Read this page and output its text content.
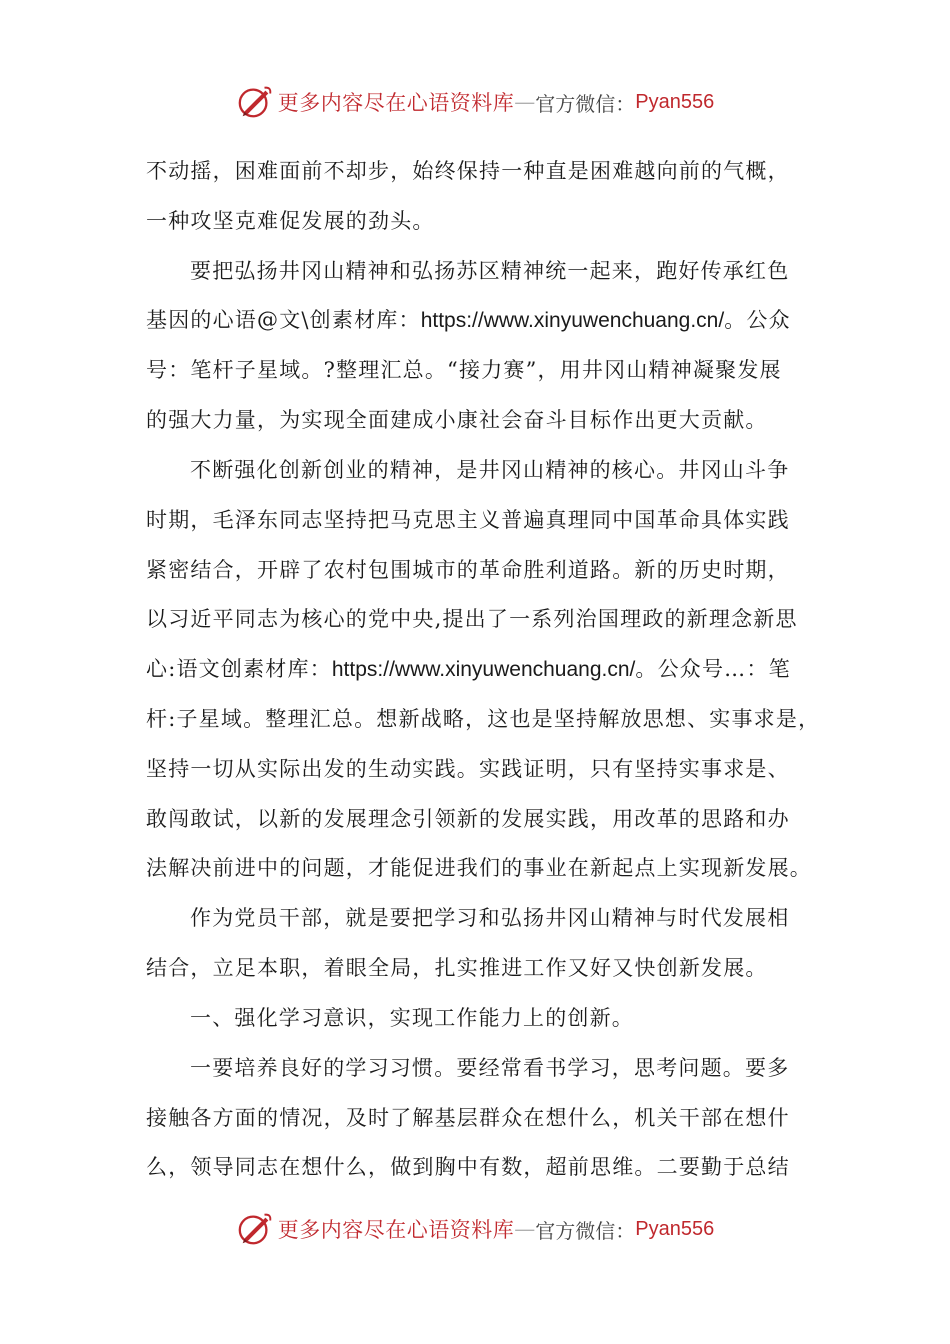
更多内容尽在心语资料库 — 官方微信： Pyan556
不动摇，困难面前不却步，始终保持一种直是困难越向前的气概，
一种攻坚克难促发展的劲头。
要把弘扬井冈山精神和弘扬苏区精神统一起来，跑好传承红色
基因的心语@文\创素材库：https://www.xinyuwenchuang.cn/。公众
号：笔杆子星域。?整理汇总。“接力赛”，用井冈山精神凝聚发展
的强大力量，为实现全面建成小康社会奋斗目标作出更大贡献。
不断强化创新创业的精神，是井冈山精神的核心。井冈山斗争
时期，毛泽东同志坚持把马克思主义普遍真理同中国革命具体实践
紧密结合，开辟了农村包围城市的革命胜利道路。新的历史时期，
以习近平同志为核心的党中央,提出了一系列治国理政的新理念新思
心:语文创素材库：https://www.xinyuwenchuang.cn/。公众号…：笔
杆:子星域。整理汇总。想新战略，这也是坚持解放思想、实事求是，
坚持一切从实际出发的生动实践。实践证明，只有坚持实事求是、
敢闯敢试，以新的发展理念引领新的发展实践，用改革的思路和办
法解决前进中的问题，才能促进我们的事业在新起点上实现新发展。
作为党员干部，就是要把学习和弘扬井冈山精神与时代发展相
结合，立足本职，着眼全局，扎实推进工作又好又快创新发展。
一、强化学习意识，实现工作能力上的创新。
一要培养良好的学习习惯。要经常看书学习，思考问题。要多
接触各方面的情况，及时了解基层群众在想什么，机关干部在想什
么，领导同志在想什么，做到胸中有数，超前思维。二要勤于总结
更多内容尽在心语资料库 — 官方微信： Pyan556
